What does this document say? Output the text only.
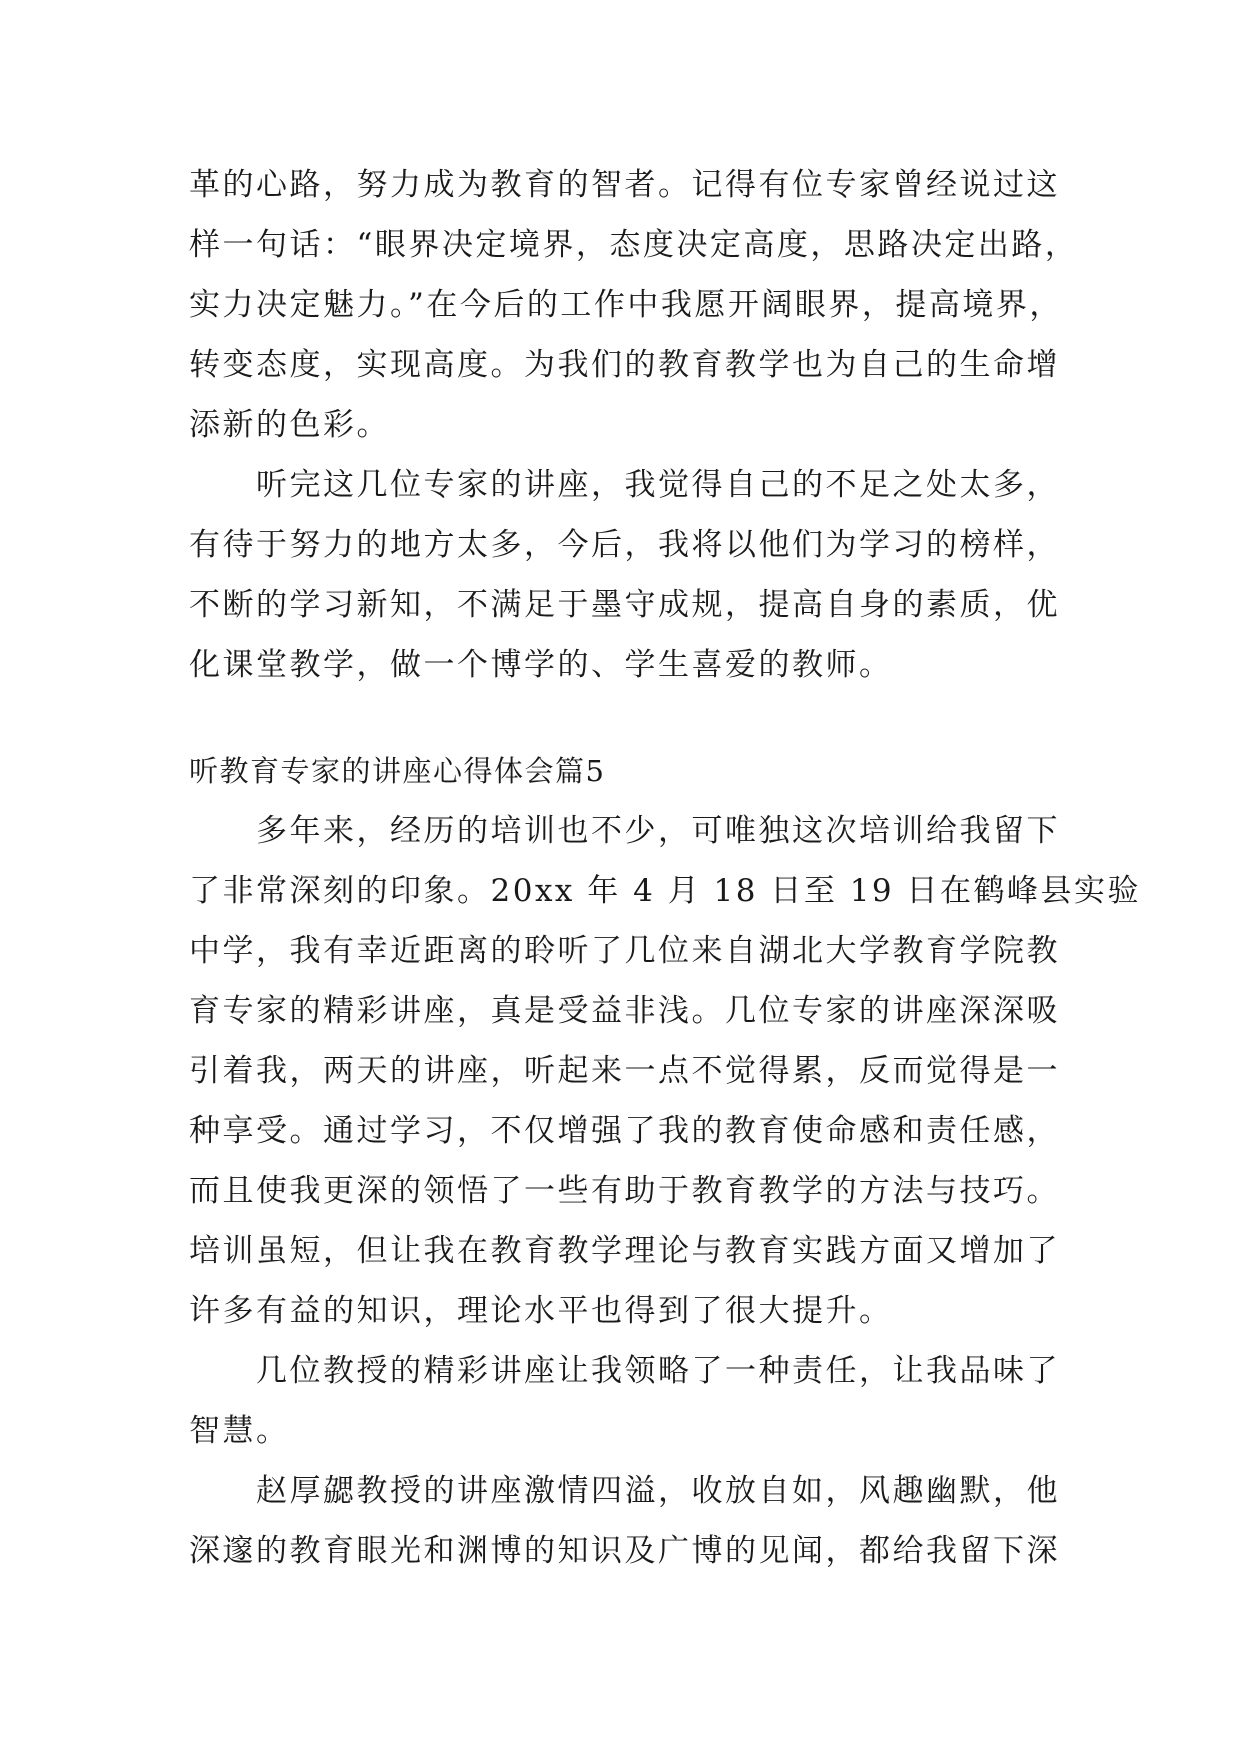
革的心路，努力成为教育的智者。记得有位专家曾经说过这
样一句话：“眼界决定境界，态度决定高度，思路决定出路，
实力决定魅力。”在今后的工作中我愿开阔眼界，提高境界，
转变态度，实现高度。为我们的教育教学也为自己的生命增
添新的色彩。

听完这几位专家的讲座，我觉得自己的不足之处太多，
有待于努力的地方太多，今后，我将以他们为学习的榜样，
不断的学习新知，不满足于墨守成规，提高自身的素质，优
化课堂教学，做一个博学的、学生喜爱的教师。

听教育专家的讲座心得体会篇5

多年来，经历的培训也不少，可唯独这次培训给我留下
了非常深刻的印象。20xx 年 4 月 18 日至 19 日在鹤峰县实验
中学，我有幸近距离的聆听了几位来自湖北大学教育学院教
育专家的精彩讲座，真是受益非浅。几位专家的讲座深深吸
引着我，两天的讲座，听起来一点不觉得累，反而觉得是一
种享受。通过学习，不仅增强了我的教育使命感和责任感，
而且使我更深的领悟了一些有助于教育教学的方法与技巧。
培训虽短，但让我在教育教学理论与教育实践方面又增加了
许多有益的知识，理论水平也得到了很大提升。

几位教授的精彩讲座让我领略了一种责任，让我品味了
智慧。

赵厚勰教授的讲座激情四溢，收放自如，风趣幽默，他
深邃的教育眼光和渊博的知识及广博的见闻，都给我留下深
